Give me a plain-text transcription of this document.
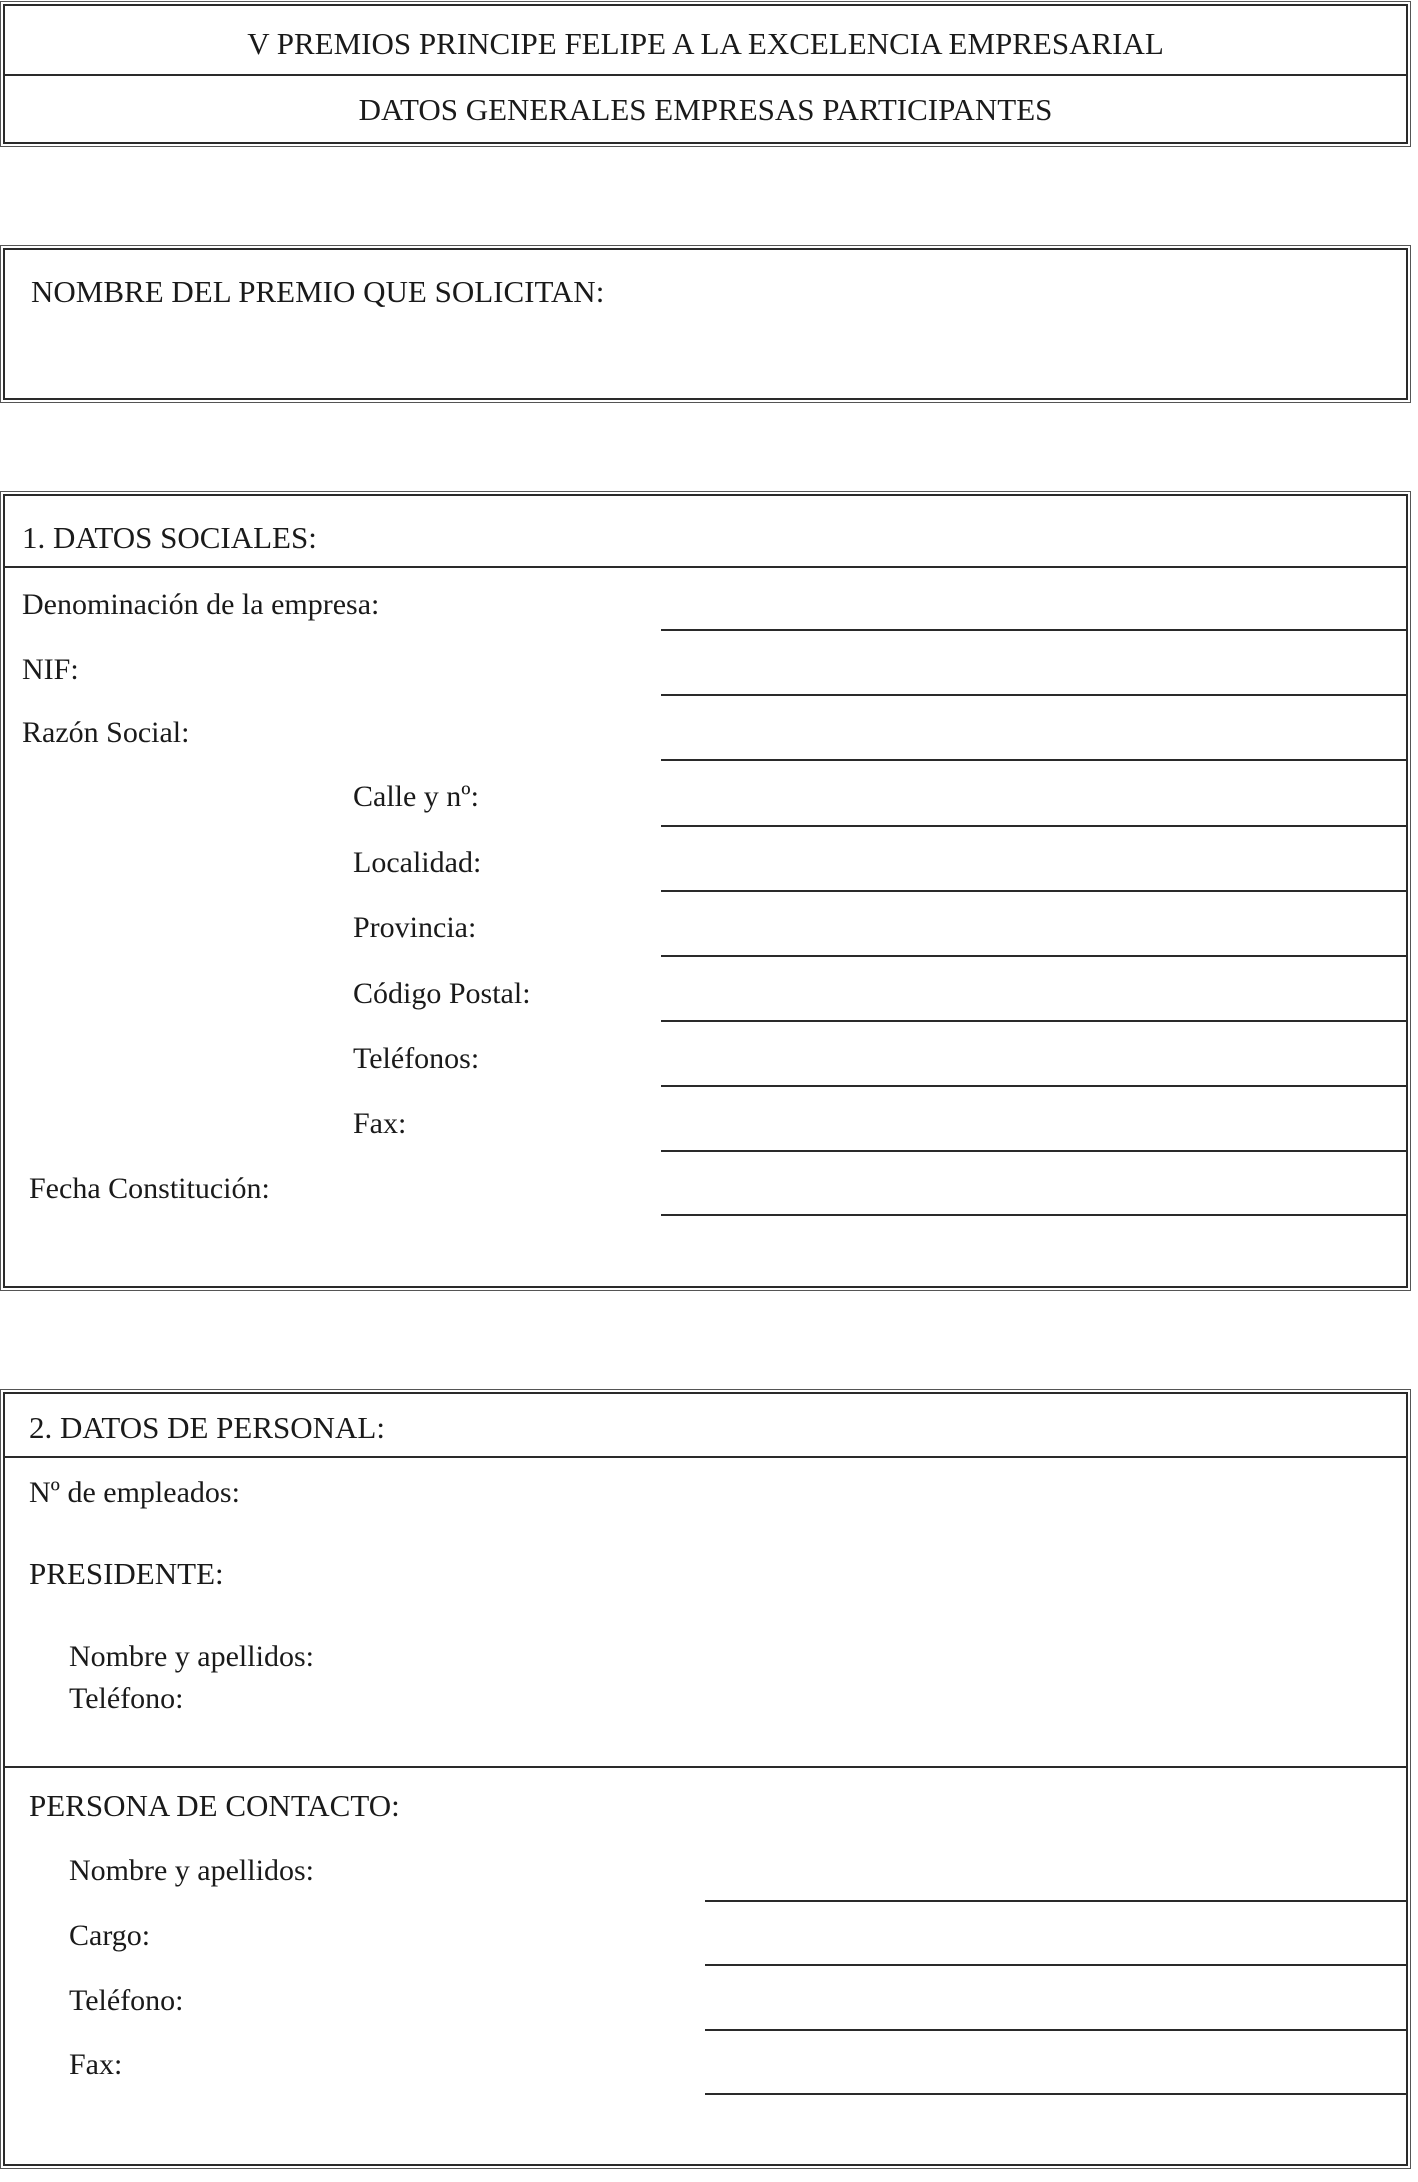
V PREMIOS PRINCIPE FELIPE A LA EXCELENCIA EMPRESARIAL
DATOS GENERALES EMPRESAS PARTICIPANTES
NOMBRE DEL PREMIO QUE SOLICITAN:
1. DATOS SOCIALES:
Denominación de la empresa:
NIF:
Razón Social:
Calle y nº:
Localidad:
Provincia:
Código Postal:
Teléfonos:
Fax:
Fecha Constitución:
2. DATOS DE PERSONAL:
Nº de empleados:
PRESIDENTE:
Nombre y apellidos:
Teléfono:
PERSONA DE CONTACTO:
Nombre y apellidos:
Cargo:
Teléfono:
Fax:
